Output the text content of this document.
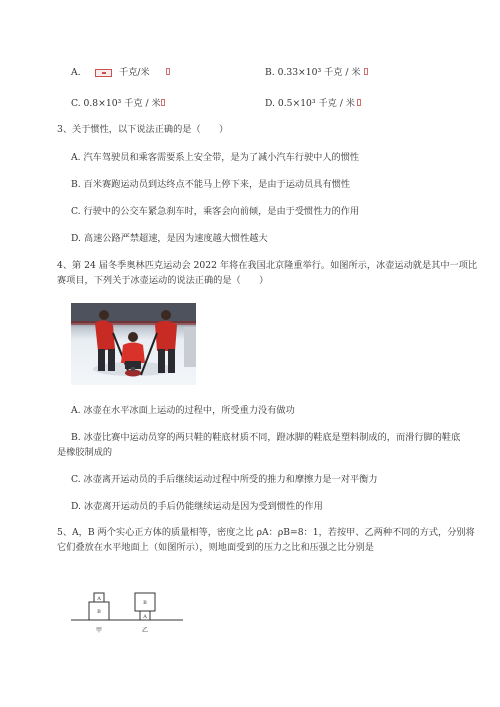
A.	千克/米	B. 0.33×10³ 千克 / 米
C. 0.8×10³ 千克 / 米	D. 0.5×10³ 千克 / 米
3、关于惯性，以下说法正确的是（　　）
A. 汽车驾驶员和乘客需要系上安全带，是为了减小汽车行驶中人的惯性
B. 百米赛跑运动员到达终点不能马上停下来，是由于运动员具有惯性
C. 行驶中的公交车紧急刹车时，乘客会向前倾，是由于受惯性力的作用
D. 高速公路严禁超速，是因为速度越大惯性越大
4、第 24 届冬季奥林匹克运动会 2022 年将在我国北京隆重举行。如图所示，冰壶运动就是其中一项比
赛项目，下列关于冰壶运动的说法正确的是（　　）
A. 冰壶在水平冰面上运动的过程中，所受重力没有做功
B. 冰壶比赛中运动员穿的两只鞋的鞋底材质不同，蹬冰脚的鞋底是塑料制成的，而滑行脚的鞋底
是橡胶制成的
C. 冰壶离开运动员的手后继续运动过程中所受的推力和摩擦力是一对平衡力
D. 冰壶离开运动员的手后仍能继续运动是因为受到惯性的作用
5、A，B 两个实心正方体的质量相等，密度之比 ρA：ρB=8：1，若按甲、乙两种不同的方式，分别将
它们叠放在水平地面上（如图所示），则地面受到的压力之比和压强之比分别是
A
B
甲
B
A
乙
